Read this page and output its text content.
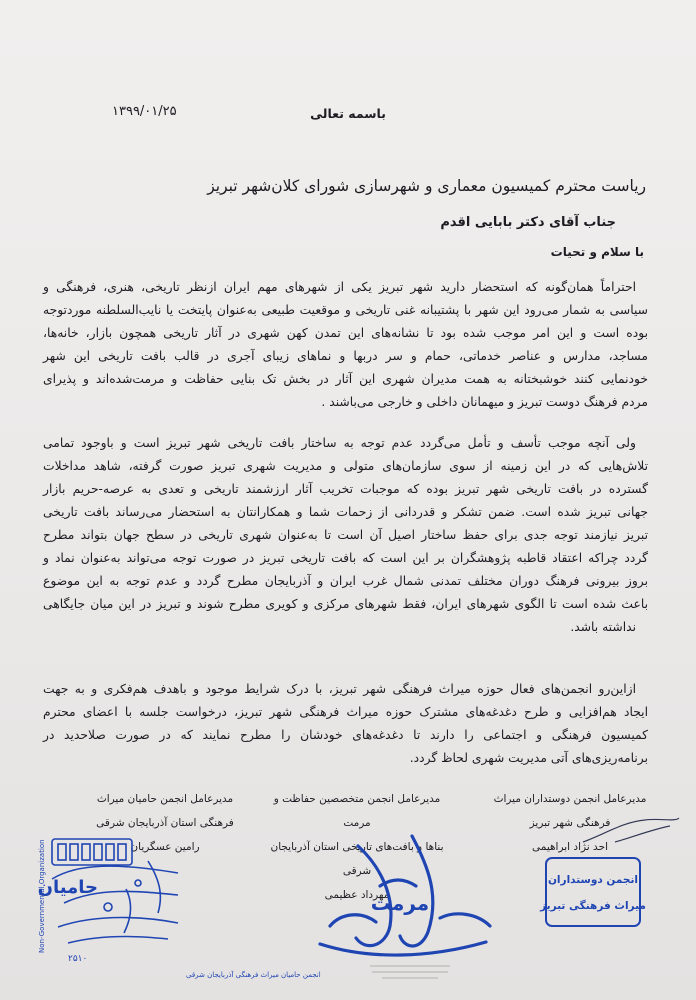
۱۳۹۹/۰۱/۲۵	باسمه تعالی
ریاست محترم کمیسیون معماری و شهرسازی شورای کلان‌شهر تبریز
جناب آقای دکتر بابایی اقدم
با سلام و تحیات
احتراماً همان‌گونه که استحضار دارید شهر تبریز یکی از شهرهای مهم ایران ازنظر تاریخی، هنری، فرهنگی و
سیاسی به شمار می‌رود این شهر با پشتیبانه غنی تاریخی و موقعیت طبیعی به‌عنوان پایتخت یا نایب‌السلطنه موردتوجه
بوده است و این امر موجب شده بود تا نشانه‌های این تمدن کهن شهری در آثار تاریخی همچون بازار، خانه‌ها،
مساجد، مدارس و عناصر خدماتی، حمام و سر دربها و نماهای زیبای آجری در قالب بافت تاریخی این شهر
خودنمایی کنند خوشبختانه به همت مدیران شهری این آثار در بخش تک بنایی حفاظت و مرمت‌شده‌اند و پذیرای
مردم فرهنگ دوست تبریز و میهمانان داخلی و خارجی می‌باشند .
ولی آنچه موجب تأسف و تأمل می‌گردد عدم توجه به ساختار بافت تاریخی شهر تبریز است و باوجود تمامی
تلاش‌هایی که در این زمینه از سوی سازمان‌های متولی و مدیریت شهری تبریز صورت گرفته، شاهد مداخلات
گسترده در بافت تاریخی شهر تبریز بوده که موجبات تخریب آثار ارزشمند تاریخی و تعدی به عرصه-حریم بازار
جهانی تبریز شده است. ضمن تشکر و قدردانی از زحمات شما و همکارانتان به استحضار می‌رساند بافت تاریخی
تبریز نیازمند توجه جدی برای حفظ ساختار اصیل آن است تا به‌عنوان شهری تاریخی در سطح جهان بتواند مطرح
گردد چراکه اعتقاد قاطبه پژوهشگران بر این است که بافت تاریخی تبریز در صورت توجه می‌تواند به‌عنوان نماد و
بروز بیرونی فرهنگ دوران مختلف تمدنی شمال غرب ایران و آذربایجان مطرح گردد و عدم توجه به این موضوع
باعث شده است تا الگوی شهرهای ایران، فقط شهرهای مرکزی و کویری مطرح شوند و تبریز در این میان جایگاهی
نداشته باشد.
ازاین‌رو انجمن‌های فعال حوزه میراث فرهنگی شهر تبریز، با درک شرایط موجود و باهدف هم‌فکری و به جهت
ایجاد هم‌افزایی و طرح دغدغه‌های مشترک حوزه میراث فرهنگی شهر تبریز، درخواست جلسه با اعضای محترم
کمیسیون فرهنگی و اجتماعی را دارند تا دغدغه‌های خودشان را مطرح نمایند که در صورت صلاحدید در
برنامه‌ریزی‌های آتی مدیریت شهری لحاظ گردد.
مدیرعامل انجمن دوستداران میراث
فرهنگی شهر تبریز
احد نژاد ابراهیمی
مدیرعامل انجمن متخصصین حفاظت و مرمت
بناها و بافت‌های تاریخی استان آذربایجان شرقی
مهرداد عظیمی
مدیرعامل انجمن حامیان میراث
فرهنگی استان آذربایجان شرقی
رامین عسگریان
Non-Governmental Organization
حامیان
۲۵۱۰
انجمن حامیان میراث فرهنگی آذربایجان شرقی
مرمت
انجمن دوستداران
میراث فرهنگی تبریز
